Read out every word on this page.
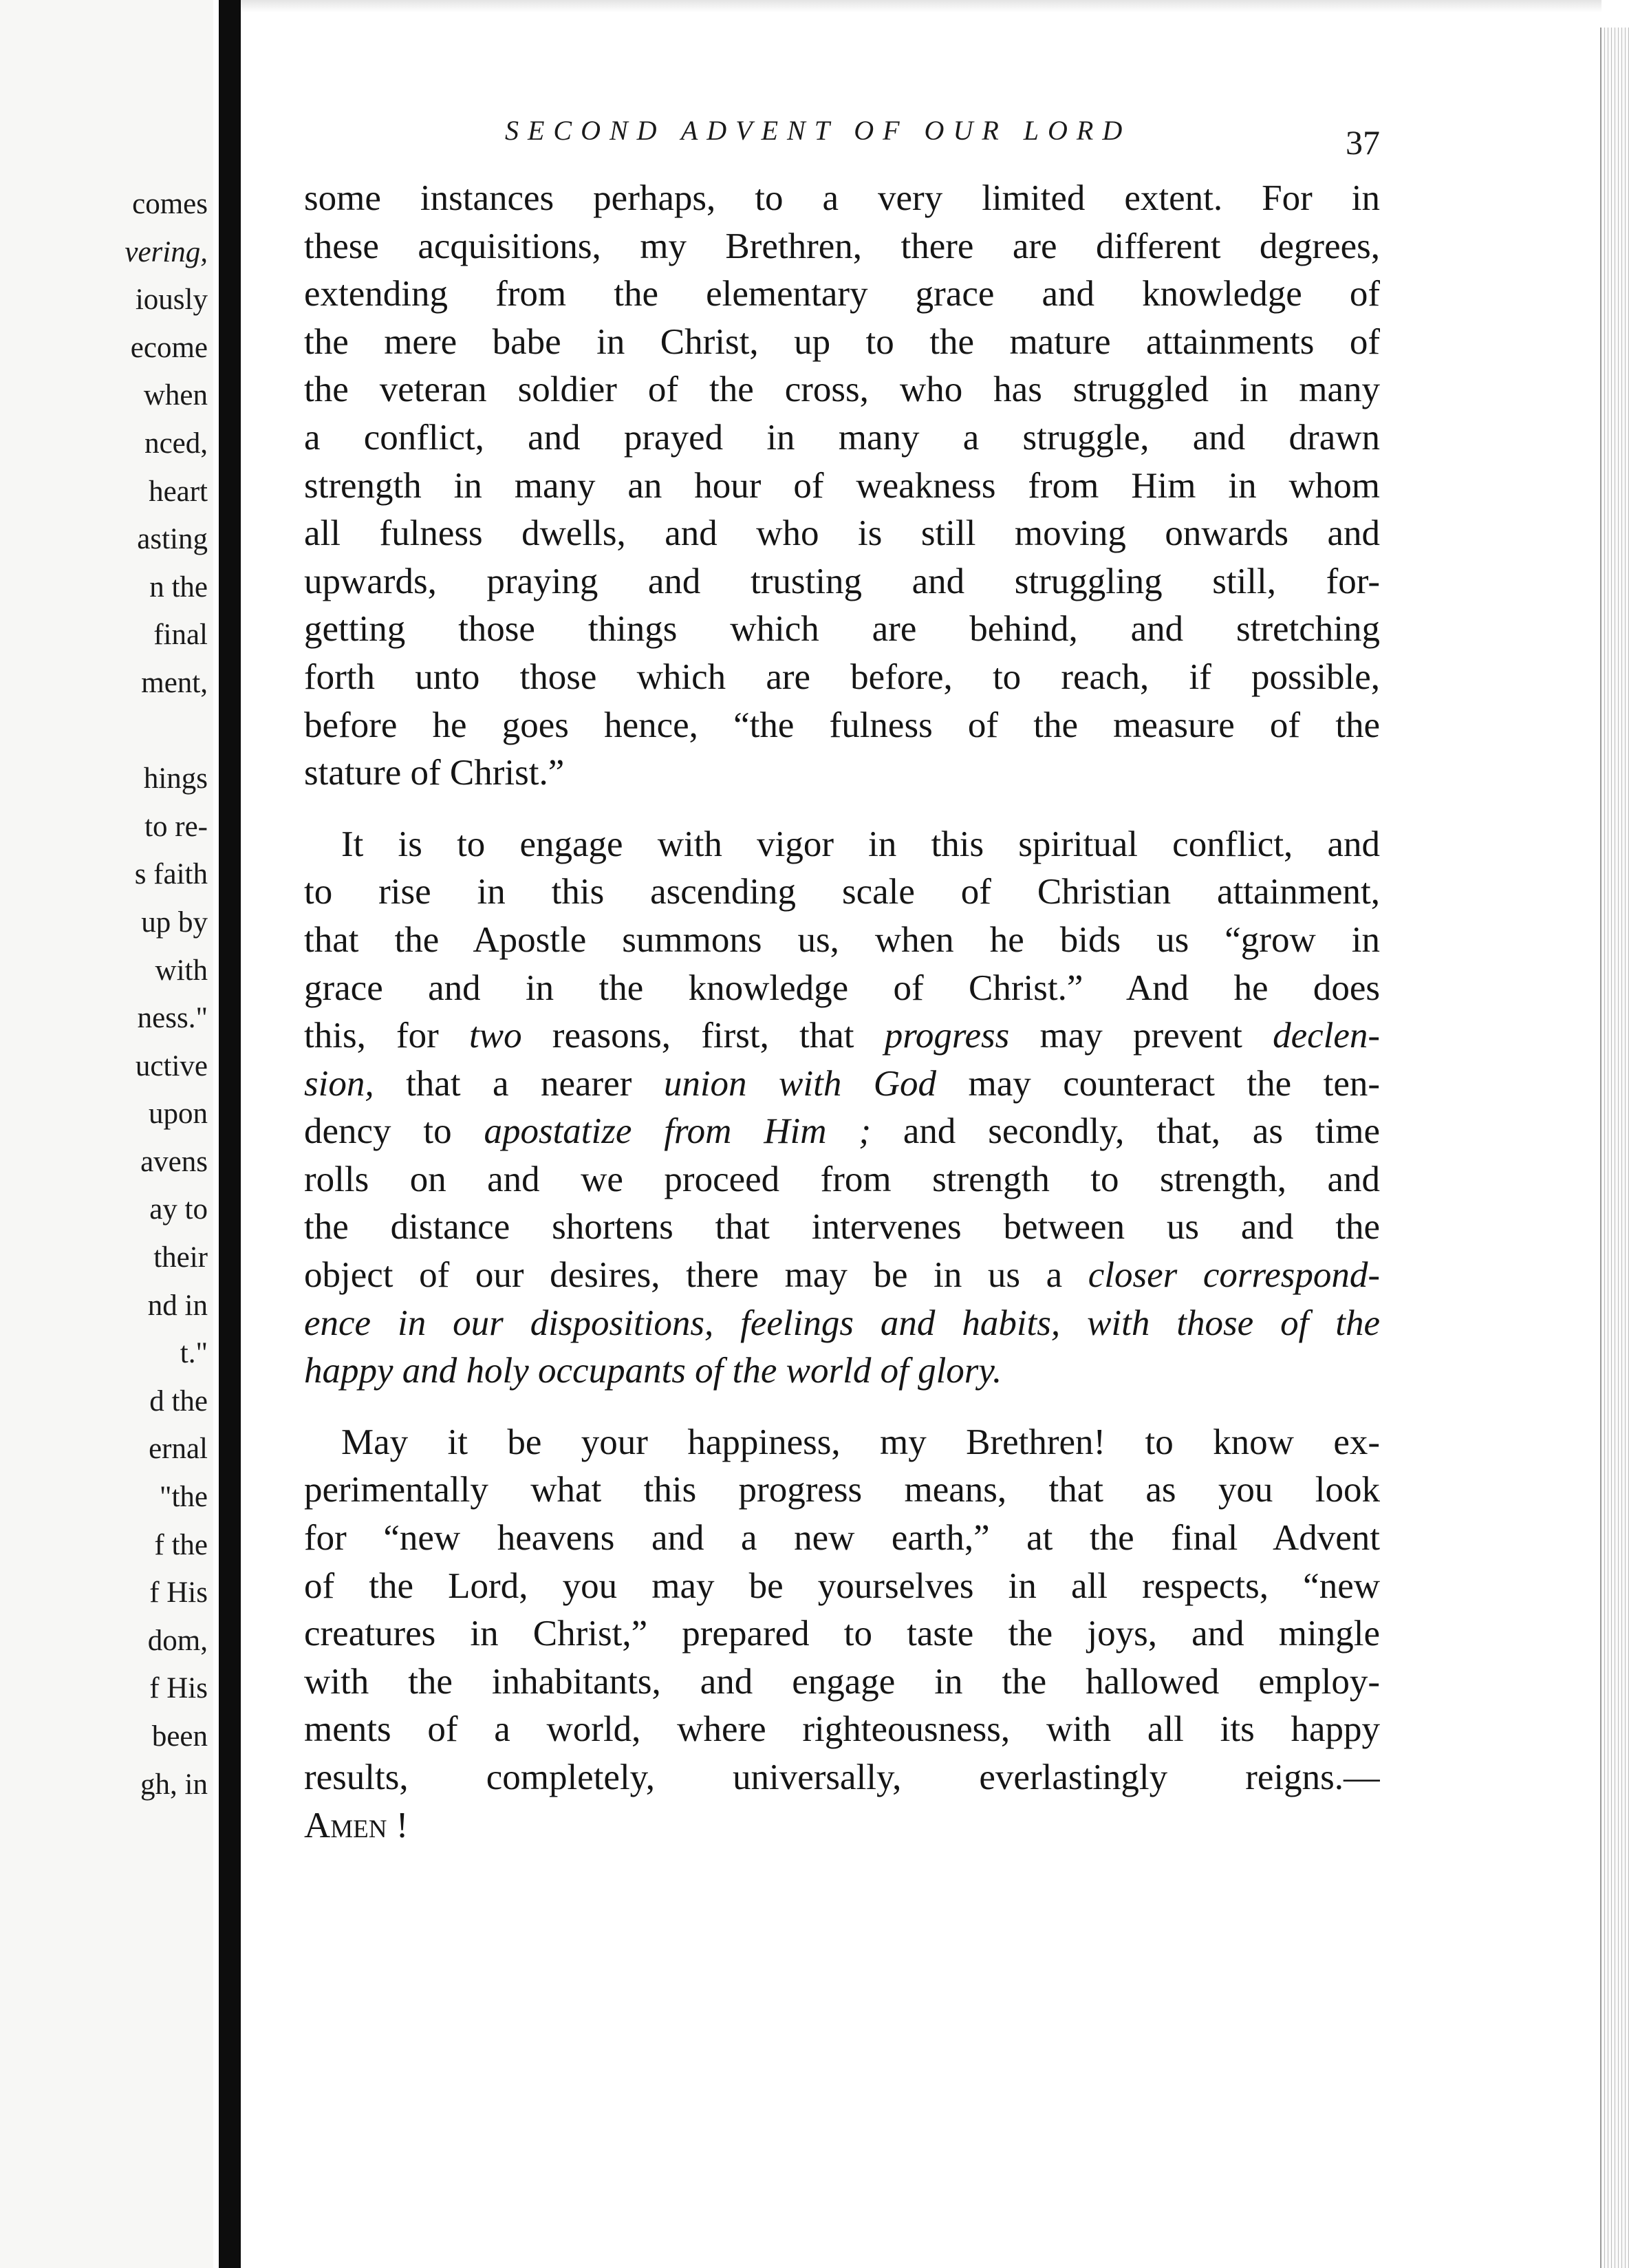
comes
vering,
iously
ecome
when
nced,
heart
asting
n the
final
ment,
hings
to re-
s faith
up by
with
ness."
uctive
upon
avens
ay to
their
nd in
t."
d the
ernal
"the
f the
f His
dom,
f His
been
gh, in
SECOND ADVENT OF OUR LORD	37
some instances perhaps, to a very limited extent. For in
these acquisitions, my Brethren, there are different degrees,
extending from the elementary grace and knowledge of
the mere babe in Christ, up to the mature attainments of
the veteran soldier of the cross, who has struggled in many
a conflict, and prayed in many a struggle, and drawn
strength in many an hour of weakness from Him in whom
all fulness dwells, and who is still moving onwards and
upwards, praying and trusting and struggling still, for-
getting those things which are behind, and stretching
forth unto those which are before, to reach, if possible,
before he goes hence, “the fulness of the measure of the
stature of Christ.”
It is to engage with vigor in this spiritual conflict, and
to rise in this ascending scale of Christian attainment,
that the Apostle summons us, when he bids us “grow in
grace and in the knowledge of Christ.” And he does
this, for two reasons, first, that progress may prevent declen-
sion, that a nearer union with God may counteract the ten-
dency to apostatize from Him ; and secondly, that, as time
rolls on and we proceed from strength to strength, and
the distance shortens that intervenes between us and the
object of our desires, there may be in us a closer correspond-
ence in our dispositions, feelings and habits, with those of the
happy and holy occupants of the world of glory.
May it be your happiness, my Brethren! to know ex-
perimentally what this progress means, that as you look
for “new heavens and a new earth,” at the final Advent
of the Lord, you may be yourselves in all respects, “new
creatures in Christ,” prepared to taste the joys, and mingle
with the inhabitants, and engage in the hallowed employ-
ments of a world, where righteousness, with all its happy
results, completely, universally, everlastingly reigns.—
Amen !
